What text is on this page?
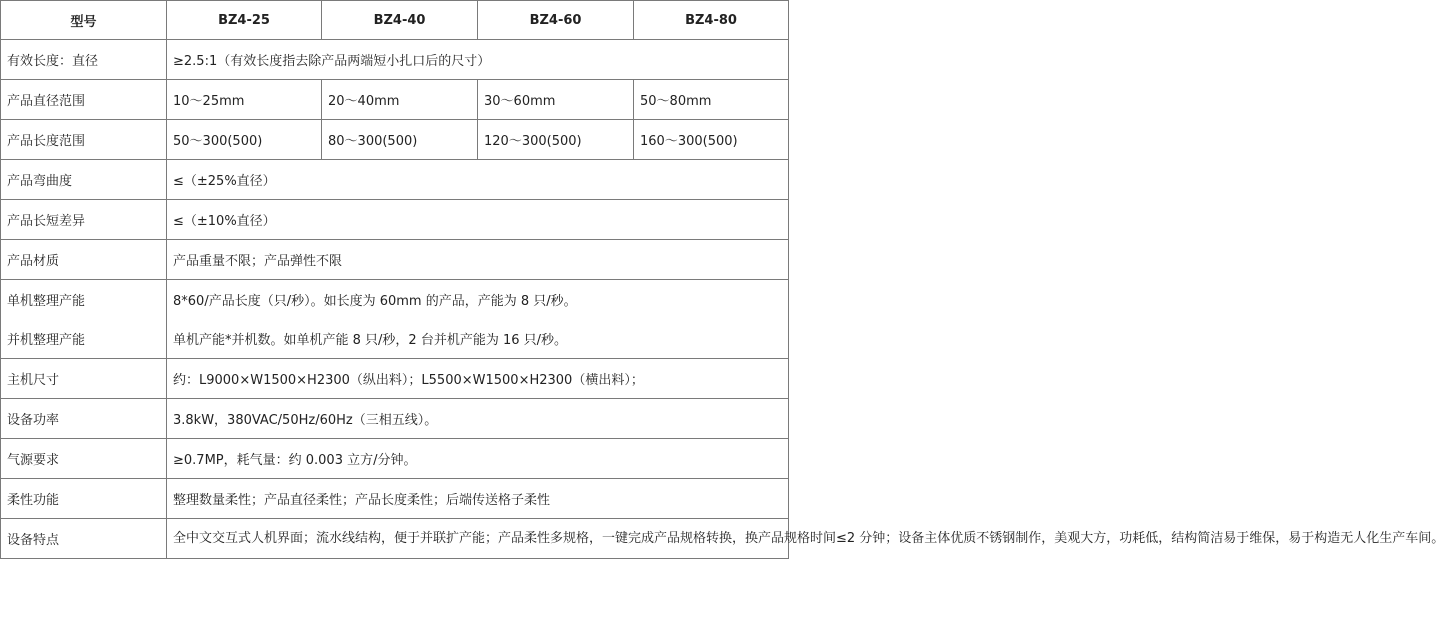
型号	BZ4-25	BZ4-40	BZ4-60	BZ4-80
有效长度：直径	≥2.5:1（有效长度指去除产品两端短小扎口后的尺寸）			
产品直径范围	10～25mm	20～40mm	30～60mm	50～80mm
产品长度范围	50～300(500)	80～300(500)	120～300(500)	160～300(500)
产品弯曲度	≤（±25%直径）			
产品长短差异	≤（±10%直径）			
产品材质	产品重量不限；产品弹性不限			
单机整理产能	8*60/产品长度（只/秒）。如长度为 60mm 的产品，产能为 8 只/秒。			
并机整理产能	单机产能*并机数。如单机产能 8 只/秒，2 台并机产能为 16 只/秒。			
主机尺寸	约：L9000×W1500×H2300（纵出料）；L5500×W1500×H2300（横出料）；			
设备功率	3.8kW，380VAC/50Hz/60Hz（三相五线）。			
气源要求	≥0.7MP，耗气量：约 0.003 立方/分钟。			
柔性功能	整理数量柔性；产品直径柔性；产品长度柔性；后端传送格子柔性			
设备特点	全中文交互式人机界面；流水线结构，便于并联扩产能；产品柔性多规格，一键完成产品规格转换，换产品规格时间≤2 分钟；设备主体优质不锈钢制作，美观大方，功耗低，结构简洁易于维保，易于构造无人化生产车间。			
